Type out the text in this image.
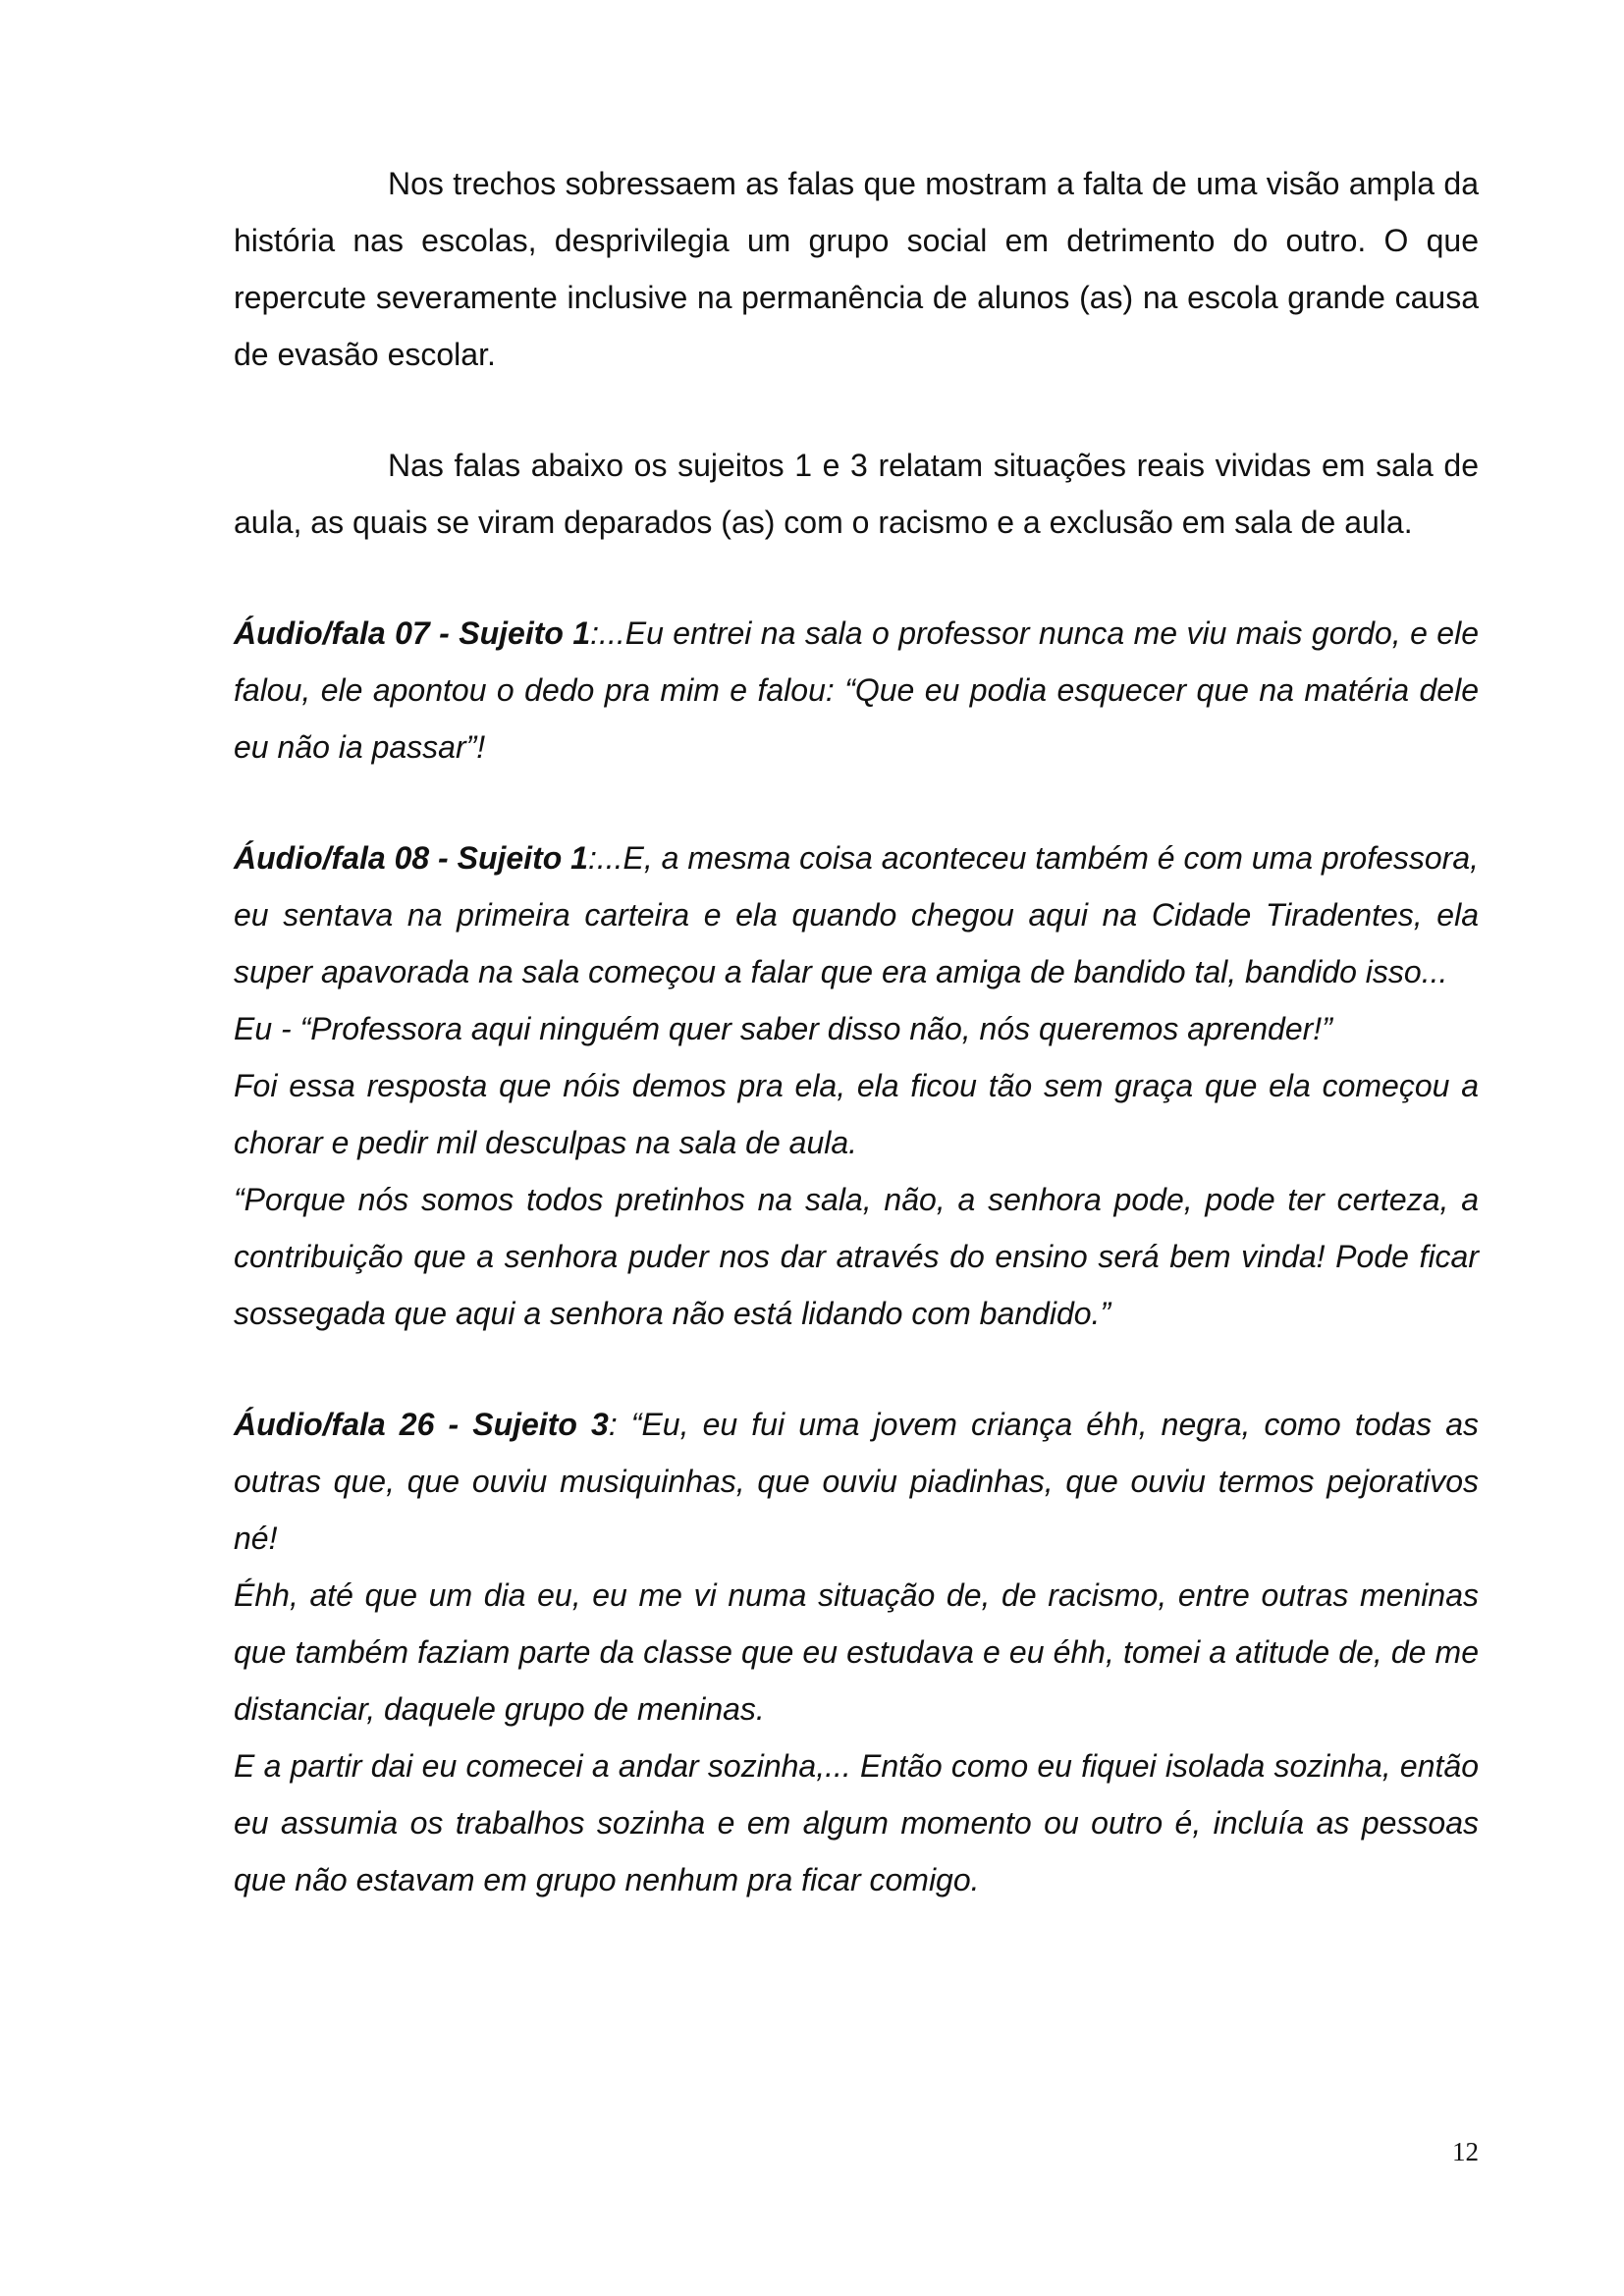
Nos trechos sobressaem as falas que mostram a falta de uma visão ampla da história nas escolas, desprivilegia um grupo social em detrimento do outro. O que repercute severamente inclusive na permanência de alunos (as) na escola grande causa de evasão escolar.

Nas falas abaixo os sujeitos 1 e 3 relatam situações reais vividas em sala de aula, as quais se viram deparados (as) com o racismo e a exclusão em sala de aula.

Áudio/fala 07 - Sujeito 1:...Eu entrei na sala o professor nunca me viu mais gordo, e ele falou, ele apontou o dedo pra mim e falou: “Que eu podia esquecer que na matéria dele eu não ia passar”!

Áudio/fala 08 - Sujeito 1:...E, a mesma coisa aconteceu também é com uma professora, eu sentava na primeira carteira e ela quando chegou aqui na Cidade Tiradentes, ela super apavorada na sala começou a falar que era amiga de bandido tal, bandido isso...

Eu - “Professora aqui ninguém quer saber disso não, nós queremos aprender!”

Foi essa resposta que nóis demos pra ela, ela ficou tão sem graça que ela começou a chorar e pedir mil desculpas na sala de aula.

“Porque nós somos todos pretinhos na sala, não, a senhora pode, pode ter certeza, a contribuição que a senhora puder nos dar através do ensino será bem vinda! Pode ficar sossegada que aqui a senhora não está lidando com bandido.”

Áudio/fala 26 - Sujeito 3: “Eu, eu fui uma jovem criança éhh, negra, como todas as outras que, que ouviu musiquinhas, que ouviu piadinhas, que ouviu termos pejorativos né!

Éhh, até que um dia eu, eu me vi numa situação de, de racismo, entre outras meninas que também faziam parte da classe que eu estudava e eu éhh, tomei a atitude de, de me distanciar, daquele grupo de meninas.

E a partir dai eu comecei a andar sozinha,... Então como eu fiquei isolada sozinha, então eu assumia os trabalhos sozinha e em algum momento ou outro é, incluía as pessoas que não estavam em grupo nenhum pra ficar comigo.

12
